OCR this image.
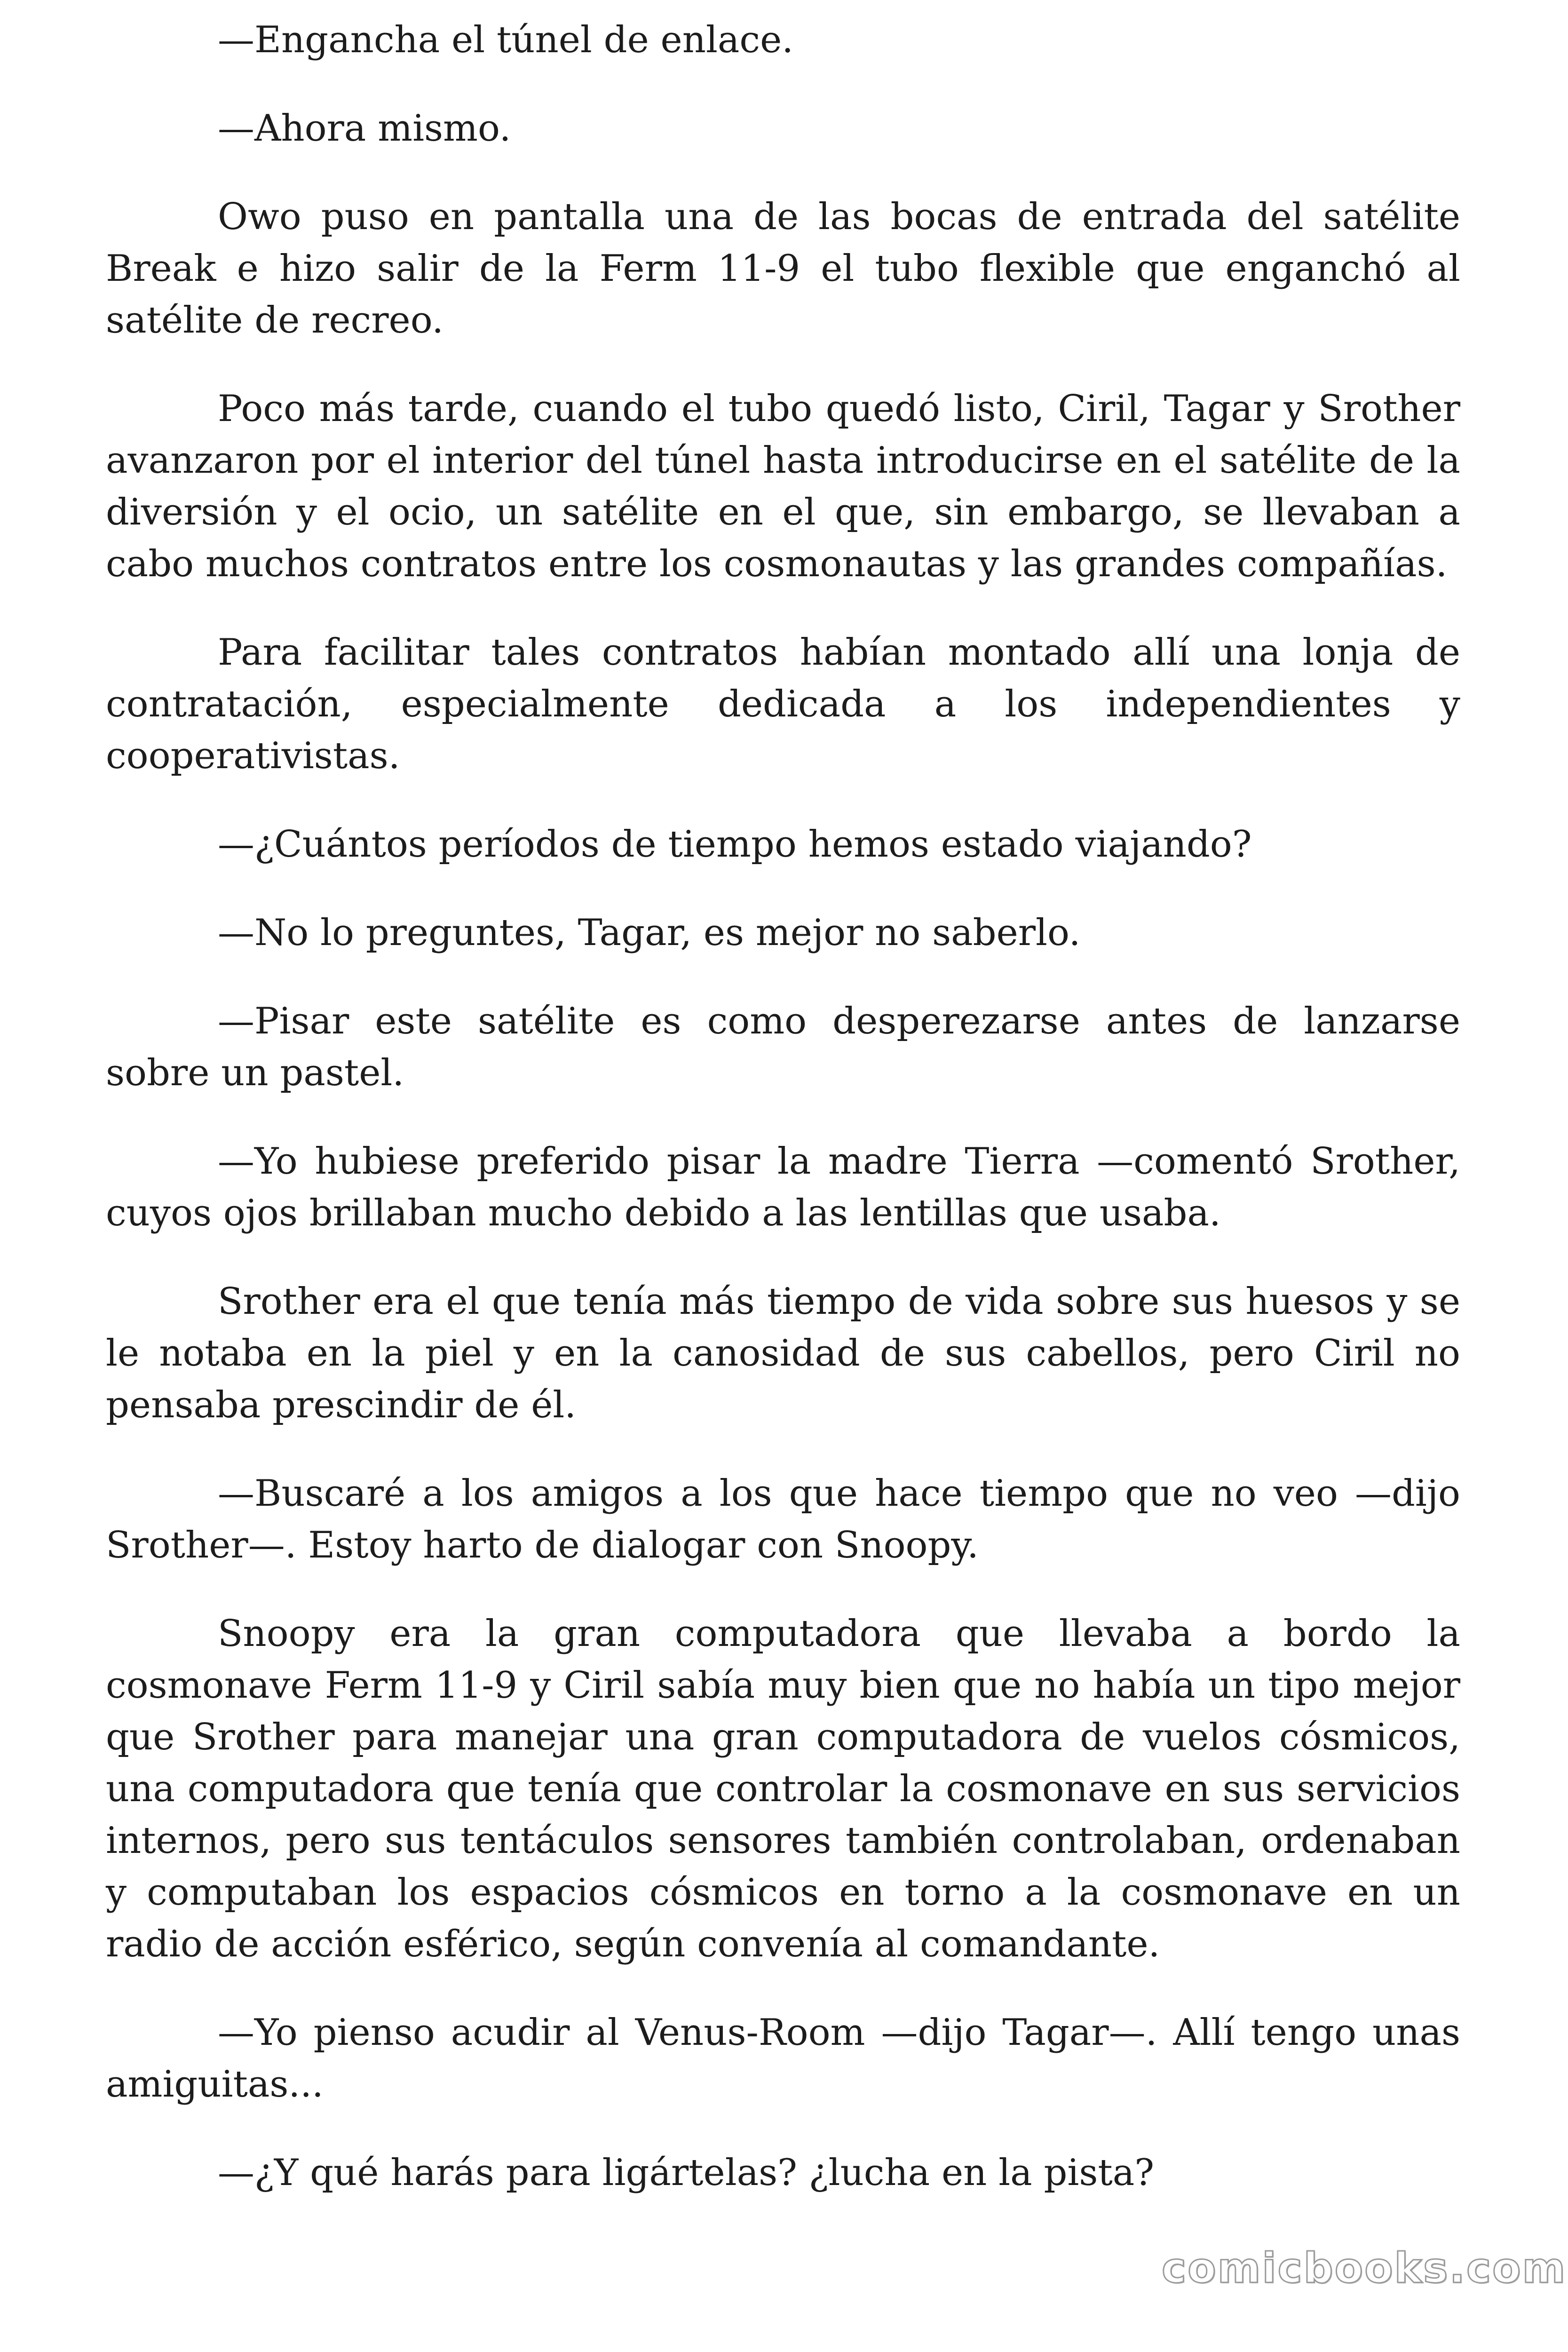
—Engancha el túnel de enlace.

—Ahora mismo.

Owo puso en pantalla una de las bocas de entrada del satélite Break e hizo salir de la Ferm 11-9 el tubo flexible que enganchó al satélite de recreo.

Poco más tarde, cuando el tubo quedó listo, Ciril, Tagar y Srother avanzaron por el interior del túnel hasta introducirse en el satélite de la diversión y el ocio, un satélite en el que, sin embargo, se llevaban a cabo muchos contratos entre los cosmonautas y las grandes compañías.

Para facilitar tales contratos habían montado allí una lonja de contratación, especialmente dedicada a los independientes y cooperativistas.

—¿Cuántos períodos de tiempo hemos estado viajando?

—No lo preguntes, Tagar, es mejor no saberlo.

—Pisar este satélite es como desperezarse antes de lanzarse sobre un pastel.

—Yo hubiese preferido pisar la madre Tierra —comentó Srother, cuyos ojos brillaban mucho debido a las lentillas que usaba.

Srother era el que tenía más tiempo de vida sobre sus huesos y se le notaba en la piel y en la canosidad de sus cabellos, pero Ciril no pensaba prescindir de él.

—Buscaré a los amigos a los que hace tiempo que no veo —dijo Srother—. Estoy harto de dialogar con Snoopy.

Snoopy era la gran computadora que llevaba a bordo la cosmonave Ferm 11-9 y Ciril sabía muy bien que no había un tipo mejor que Srother para manejar una gran computadora de vuelos cósmicos, una computadora que tenía que controlar la cosmonave en sus servicios internos, pero sus tentáculos sensores también controlaban, ordenaban y computaban los espacios cósmicos en torno a la cosmonave en un radio de acción esférico, según convenía al comandante.

—Yo pienso acudir al Venus-Room —dijo Tagar—. Allí tengo unas amiguitas...

—¿Y qué harás para ligártelas? ¿lucha en la pista?

comicbooks.com
